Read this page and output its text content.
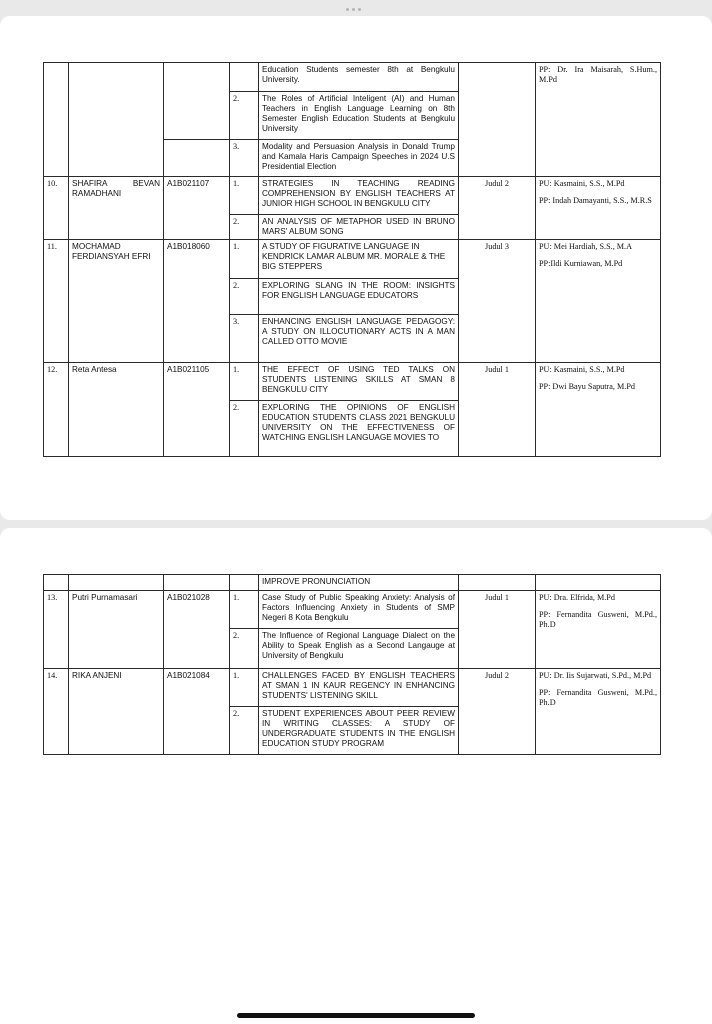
				Education Students semester 8th at Bengkulu University.		PP: Dr. Ira Maisarah, S.Hum., M.Pd

			2.	The Roles of Artificial Inteligent (AI) and Human Teachers in English Language Learning on 8th Semester English Education Students at Bengkulu University		
			3.	Modality and Persuasion Analysis in Donald Trump and Kamala Haris Campaign Speeches in 2024 U.S Presidential Election		
10.	SHAFIRA BEVAN RAMADHANI	A1B021107	1.	STRATEGIES IN TEACHING READING COMPREHENSION BY ENGLISH TEACHERS AT JUNIOR HIGH SCHOOL IN BENGKULU CITY	Judul 2	PU: Kasmaini, S.S., M.Pd
PP: Indah Damayanti, S.S., M.R.S

			2.	AN ANALYSIS OF METAPHOR USED IN BRUNO MARS' ALBUM SONG		
11.	MOCHAMAD FERDIANSYAH EFRI	A1B018060	1.	A STUDY OF FIGURATIVE LANGUAGE IN KENDRICK LAMAR ALBUM MR. MORALE & THE BIG STEPPERS	Judul 3	PU: Mei Hardiah, S.S., M.A
PP:Ildi Kurniawan, M.Pd

			2.	EXPLORING SLANG IN THE ROOM: INSIGHTS FOR ENGLISH LANGUAGE EDUCATORS		
			3.	ENHANCING ENGLISH LANGUAGE PEDAGOGY: A STUDY ON ILLOCUTIONARY ACTS IN A MAN CALLED OTTO MOVIE		
12.	Reta Antesa	A1B021105	1.	THE EFFECT OF USING TED TALKS ON STUDENTS LISTENING SKILLS AT SMAN 8 BENGKULU CITY	Judul 1	PU: Kasmaini, S.S., M.Pd
PP: Dwi Bayu Saputra, M.Pd

			2.	EXPLORING THE OPINIONS OF ENGLISH EDUCATION STUDENTS CLASS 2021 BENGKULU UNIVERSITY ON THE EFFECTIVENESS OF WATCHING ENGLISH LANGUAGE MOVIES TO		
				IMPROVE PRONUNCIATION		
13.	Putri Purnamasari	A1B021028	1.	Case Study of Public Speaking Anxiety: Analysis of Factors Influencing Anxiety in Students of SMP Negeri 8 Kota Bengkulu	Judul 1	PU: Dra. Elfrida, M.Pd
PP: Fernandita Gusweni, M.Pd., Ph.D

			2.	The Influence of Regional Language Dialect on the Ability to Speak English as a Second Langauge at University of Bengkulu		
14.	RIKA ANJENI	A1B021084	1.	CHALLENGES FACED BY ENGLISH TEACHERS AT SMAN 1 IN KAUR REGENCY IN ENHANCING STUDENTS' LISTENING SKILL	Judul 2	PU: Dr. Iis Sujarwati, S.Pd., M.Pd
PP: Fernandita Gusweni, M.Pd., Ph.D

			2.	STUDENT EXPERIENCES ABOUT PEER REVIEW IN WRITING CLASSES: A STUDY OF UNDERGRADUATE STUDENTS IN THE ENGLISH EDUCATION STUDY PROGRAM		
